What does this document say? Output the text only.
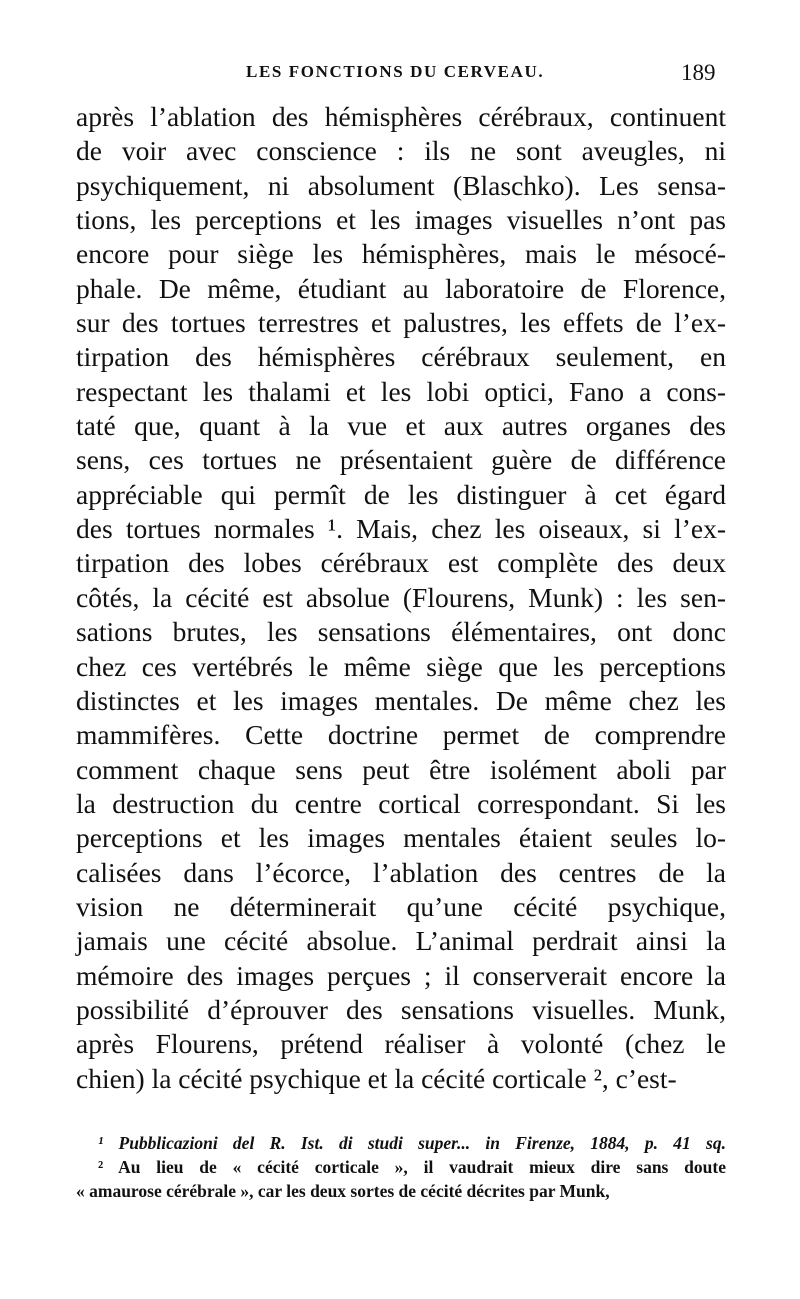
LES FONCTIONS DU CERVEAU.	189
après l’ablation des hémisphères cérébraux, continuent
de voir avec conscience : ils ne sont aveugles, ni
psychiquement, ni absolument (Blaschko). Les sensa-
tions, les perceptions et les images visuelles n’ont pas
encore pour siège les hémisphères, mais le mésocé-
phale. De même, étudiant au laboratoire de Florence,
sur des tortues terrestres et palustres, les effets de l’ex-
tirpation des hémisphères cérébraux seulement, en
respectant les thalami et les lobi optici, Fano a cons-
taté que, quant à la vue et aux autres organes des
sens, ces tortues ne présentaient guère de différence
appréciable qui permît de les distinguer à cet égard
des tortues normales ¹. Mais, chez les oiseaux, si l’ex-
tirpation des lobes cérébraux est complète des deux
côtés, la cécité est absolue (Flourens, Munk) : les sen-
sations brutes, les sensations élémentaires, ont donc
chez ces vertébrés le même siège que les perceptions
distinctes et les images mentales. De même chez les
mammifères. Cette doctrine permet de comprendre
comment chaque sens peut être isolément aboli par
la destruction du centre cortical correspondant. Si les
perceptions et les images mentales étaient seules lo-
calisées dans l’écorce, l’ablation des centres de la
vision ne déterminerait qu’une cécité psychique,
jamais une cécité absolue. L’animal perdrait ainsi la
mémoire des images perçues ; il conserverait encore la
possibilité d’éprouver des sensations visuelles. Munk,
après Flourens, prétend réaliser à volonté (chez le
chien) la cécité psychique et la cécité corticale ², c’est-
¹ Pubblicazioni del R. Ist. di studi super... in Firenze, 1884, p. 41 sq.
² Au lieu de « cécité corticale », il vaudrait mieux dire sans doute
« amaurose cérébrale », car les deux sortes de cécité décrites par Munk,
